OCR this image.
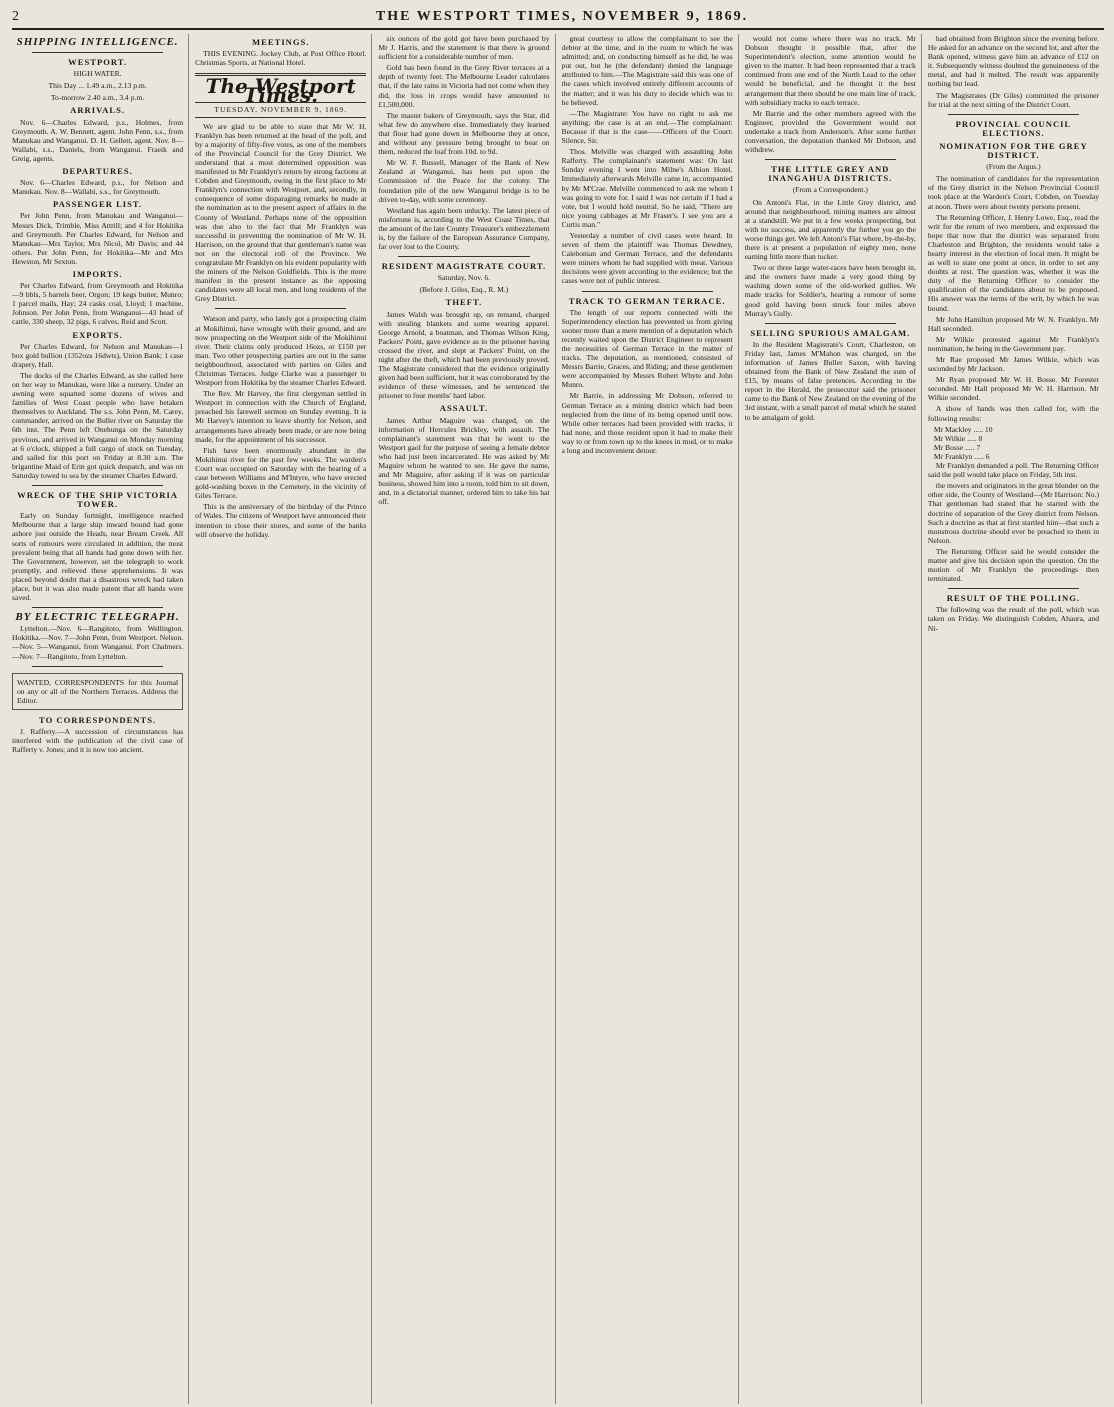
2	THE WESTPORT TIMES, NOVEMBER 9, 1869.
SHIPPING INTELLIGENCE.
WESTPORT.
HIGH WATER.
This Day ... 1.49 a.m., 2.13 p.m.
To-morrow 2.40 a.m., 3.4 p.m.
ARRIVALS.

Nov. 6—Charles Edward, p.s., Holmes, from Greymouth. A. W. Bennett, agent. John Penn, s.s., from Manukau and Wanganui. D. H. Gellett, agent. Nov. 8—Wallabi, s.s., Daniels, from Wanganui. Fraeik and Greig, agents.

DEPARTURES.

Nov. 6—Charles Edward, p.s., for Nelson and Manukau. Nov. 8—Wallabi, s.s., for Greymouth.

PASSENGER LIST.

Per John Penn, from Manukau and Wanganui—Messrs Dick, Trimble, Miss Attrill; and 4 for Hokitika and Greymouth. Per Charles Edward, for Nelson and Manukau—Mrs Taylor, Mrs Nicol, Mr Davis; and 44 others. Per John Penn, for Hokitika—Mr and Mrs Hewston, Mr Sexton.

IMPORTS.

Per Charles Edward, from Greymouth and Hokitika—9 bbls, 5 barrels beer, Orgon; 19 kegs butter, Munro; 1 parcel mails, Hay; 24 casks coal, Lloyd; 1 machine, Johnson. Per John Penn, from Wanganui—43 head of cattle, 330 sheep, 32 pigs, 6 calves, Reid and Scott.

EXPORTS.

Per Charles Edward, for Nelson and Manukau—1 box gold bullion (1352ozs 16dwts), Union Bank; 1 case drapery, Hall.

The docks of the Charles Edward, as she called here on her way to Manukau, were like a nursery. Under an awning were squatted some dozens of wives and families of West Coast people who have betaken themselves to Auckland. The s.s. John Penn, M. Carey, commander, arrived on the Buller river on Saturday the 6th inst. The Penn left Onehunga on the Saturday previous, and arrived in Wanganui on Monday morning at 6 o'clock, shipped a full cargo of stock on Tuesday, and sailed for this port on Friday at 8.30 a.m. The brigantine Maid of Erin got quick despatch, and was on Saturday towed to sea by the steamer Charles Edward.

WRECK OF THE SHIP VICTORIA TOWER.

Early on Sunday fortnight, intelligence reached Melbourne that a large ship inward bound had gone ashore just outside the Heads, near Bream Creek. All sorts of rumours were circulated in addition, the most prevalent being that all hands had gone down with her. The Government, however, set the telegraph to work promptly, and relieved these apprehensions. It was placed beyond doubt that a disastrous wreck had taken place, but it was also made patent that all hands were saved.

BY ELECTRIC TELEGRAPH.

Lyttelton.—Nov. 6—Rangitoto, from Wellington. Hokitika.—Nov. 7—John Penn, from Westport. Nelson.—Nov. 5—Wanganui, from Wanganui. Port Chalmers.—Nov. 7—Rangitoto, from Lyttelton.

WANTED, CORRESPONDENTS for this Journal on any or all of the Northern Terraces. Address the Editor.
TO CORRESPONDENTS.

J. Rafferty.—A succession of circumstances has interfered with the publication of the civil case of Rafferty v. Jones; and it is now too ancient.

MEETINGS.

THIS EVENING. Jockey Club, at Post Office Hotel. Christmas Sports, at National Hotel.

The Westport Times.
TUESDAY, NOVEMBER 9, 1869.

We are glad to be able to state that Mr W. H. Franklyn has been returned at the head of the poll, and by a majority of fifty-five votes, as one of the members of the Provincial Council for the Grey District. We understand that a most determined opposition was manifested to Mr Franklyn's return by strong factions at Cobden and Greymouth, owing in the first place to Mr Franklyn's connection with Westport, and, secondly, in consequence of some disparaging remarks he made at the nomination as to the present aspect of affairs in the County of Westland. Perhaps none of the opposition was due also to the fact that Mr Franklyn was successful in preventing the nomination of Mr W. H. Harrison, on the ground that that gentleman's name was not on the electoral roll of the Province. We congratulate Mr Franklyn on his evident popularity with the miners of the Nelson Goldfields. This is the more manifest in the present instance as the opposing candidates were all local men, and long residents of the Grey District.

Watson and party, who lately got a prospecting claim at Mokihinui, have wrought with their ground, and are now prospecting on the Westport side of the Mokihinui river. Their claims only produced 16ozs, or £150 per man. Two other prospecting parties are out in the same neighbourhood, associated with parties on Giles and Christmas Terraces. Judge Clarke was a passenger to Westport from Hokitika by the steamer Charles Edward.

The Rev. Mr Harvey, the first clergyman settled in Westport in connection with the Church of England, preached his farewell sermon on Sunday evening. It is Mr Harvey's intention to leave shortly for Nelson, and arrangements have already been made, or are now being made, for the appointment of his successor.

Fish have been enormously abundant in the Mokihinui river for the past few weeks. The warden's Court was occupied on Saturday with the hearing of a case between Williams and M'Intyre, who have erected gold-washing boxes in the Cemetery, in the vicinity of Giles Terrace.

This is the anniversary of the birthday of the Prince of Wales. The citizens of Westport have announced their intention to close their stores, and some of the banks will observe the holiday.

six ounces of the gold got have been purchased by Mr J. Harris, and the statement is that there is ground sufficient for a considerable number of men.

Gold has been found in the Grey River terraces at a depth of twenty feet. The Melbourne Leader calculates that, if the late rains in Victoria had not come when they did, the loss in crops would have amounted to £1,500,000.

The master bakers of Greymouth, says the Star, did what few do anywhere else. Immediately they learned that flour had gone down in Melbourne they at once, and without any pressure being brought to bear on them, reduced the loaf from 10d. to 9d.

Mr W. F. Russell, Manager of the Bank of New Zealand at Wanganui, has been put upon the Commission of the Peace for the colony. The foundation pile of the new Wanganui bridge is to be driven to-day, with some ceremony.

Westland has again been unlucky. The latest piece of misfortune is, according to the West Coast Times, that the amount of the late County Treasurer's embezzlement is, by the failure of the European Assurance Company, far over lost to the County.

RESIDENT MAGISTRATE COURT.
Saturday, Nov. 6.
(Before J. Giles, Esq., R. M.)
THEFT.

James Walsh was brought up, on remand, charged with stealing blankets and some wearing apparel. George Arnold, a boatman, and Thomas Wilson King, Packers' Point, gave evidence as to the prisoner having crossed the river, and slept at Packers' Point, on the night after the theft, which had been previously proved. The Magistrate considered that the evidence originally given had been sufficient, but it was corroborated by the evidence of these witnesses, and he sentenced the prisoner to four months' hard labor.

ASSAULT.

James Arthur Maguire was charged, on the information of Hercules Brickley, with assault. The complainant's statement was that he went to the Westport gaol for the purpose of seeing a female debtor who had just been incarcerated. He was asked by Mr Maguire whom he wanted to see. He gave the name, and Mr Maguire, after asking if it was on particular business, showed him into a room, told him to sit down, and, in a dictatorial manner, ordered him to take his hat off.

great courtesy to allow the complainant to see the debtor at the time, and in the room to which he was admitted; and, on conducting himself as he did, he was put out, but he (the defendant) denied the language attributed to him.—The Magistrate said this was one of the cases which involved entirely different accounts of the matter; and it was his duty to decide which was to be believed.

—The Magistrate: You have no right to ask me anything; the case is at an end.—The complainant: Because if that is the case——Officers of the Court: Silence, Sir.

Thos. Melville was charged with assaulting John Rafferty. The complainant's statement was: On last Sunday evening I went into Milne's Albion Hotel. Immediately afterwards Melville came in, accompanied by Mr M'Crae. Melville commenced to ask me whom I was going to vote for. I said I was not certain if I had a vote, but I would hold neutral. So he said, "There are nice young cabbages at Mr Fraser's. I see you are a Curtis man."

Yesterday a number of civil cases were heard. In seven of them the plaintiff was Thomas Dewdney, Calebonian and German Terrace, and the defendants were miners whom he had supplied with meat. Various decisions were given according to the evidence; but the cases were not of public interest.

TRACK TO GERMAN TERRACE.

The length of our reports connected with the Superintendency election has prevented us from giving sooner more than a mere mention of a deputation which recently waited upon the District Engineer to represent the necessities of German Terrace in the matter of tracks. The deputation, as mentioned, consisted of Messrs Barrie, Graces, and Riding; and these gentlemen were accompanied by Messrs Robert Whyte and John Munro.

Mr Barrie, in addressing Mr Dobson, referred to German Terrace as a mining district which had been neglected from the time of its being opened until now. While other terraces had been provided with tracks, it had none, and those resident upon it had to make their way to or from town up to the knees in mud, or to make a long and inconvenient detour.

would not come where there was no track. Mr Dobson thought it possible that, after the Superintendent's election, some attention would be given to the matter. It had been represented that a track continued from one end of the North Lead to the other would be beneficial, and he thought it the best arrangement that there should be one main line of track, with subsidiary tracks to each terrace.

Mr Barrie and the other members agreed with the Engineer, provided the Government would not undertake a track from Anderson's. After some further conversation, the deputation thanked Mr Dobson, and withdrew.

THE LITTLE GREY AND INANGAHUA DISTRICTS.
(From a Correspondent.)

On Antoni's Flat, in the Little Grey district, and around that neighbourhood, mining matters are almost at a standstill. We put in a few weeks prospecting, but with no success, and apparently the further you go the worse things get. We left Antoni's Flat where, by-the-by, there is at present a population of eighty men, none earning little more than tucker.

Two or three large water-races have been brought in, and the owners have made a very good thing by washing down some of the old-worked gullies. We made tracks for Soldier's, hearing a rumour of some good gold having been struck four miles above Murray's Gully.

SELLING SPURIOUS AMALGAM.

In the Resident Magistrate's Court, Charleston, on Friday last, James M'Mahon was charged, on the information of James Buller Saxon, with having obtained from the Bank of New Zealand the sum of £15, by means of false pretences. According to the report in the Herald, the prosecutor said the prisoner came to the Bank of New Zealand on the evening of the 3rd instant, with a small parcel of metal which he stated to be amalgam of gold.

had obtained from Brighton since the evening before. He asked for an advance on the second lot, and after the Bank opened, witness gave him an advance of £12 on it. Subsequently witness doubted the genuineness of the metal, and had it melted. The result was apparently nothing but lead.

The Magistrates (Dr Giles) committed the prisoner for trial at the next sitting of the District Court.

PROVINCIAL COUNCIL ELECTIONS.
NOMINATION FOR THE GREY DISTRICT.
(From the Argus.)

The nomination of candidates for the representation of the Grey district in the Nelson Provincial Council took place at the Warden's Court, Cobden, on Tuesday at noon. There were about twenty persons present.

The Returning Officer, J. Henry Lowe, Esq., read the writ for the return of two members, and expressed the hope that now that the district was separated from Charleston and Brighton, the residents would take a hearty interest in the election of local men. It might be as well to state one point at once, in order to set any doubts at rest. The question was, whether it was the duty of the Returning Officer to consider the qualification of the candidates about to be proposed. His answer was the terms of the writ, by which he was bound.

Mr John Hamilton proposed Mr W. N. Franklyn. Mr Hall seconded.

Mr Wilkie protested against Mr Franklyn's nomination, he being in the Government pay.

Mr Rae proposed Mr James Wilkie, which was seconded by Mr Jackson.

Mr Ryan proposed Mr W. H. Bosse. Mr Forester seconded. Mr Hall proposed Mr W. H. Harrison. Mr Wilkie seconded.

A show of hands was then called for, with the following results:

Mr Mackley ..... 10
Mr Wilkie ..... 8
Mr Bosse ..... 7
Mr Franklyn ..... 6

Mr Franklyn demanded a poll. The Returning Officer said the poll would take place on Friday, 5th inst.

the movers and originators in the great blunder on the other side, the County of Westland—(Mr Harrison: No.) That gentleman had stated that he started with the doctrine of separation of the Grey district from Nelson. Such a doctrine as that at first startled him—that such a monstrous doctrine should ever be preached to them in Nelson.

The Returning Officer said he would consider the matter and give his decision upon the question. On the motion of Mr Franklyn the proceedings then terminated.

RESULT OF THE POLLING.

The following was the result of the poll, which was taken on Friday. We distinguish Cobden, Ahaura, and Ni-
